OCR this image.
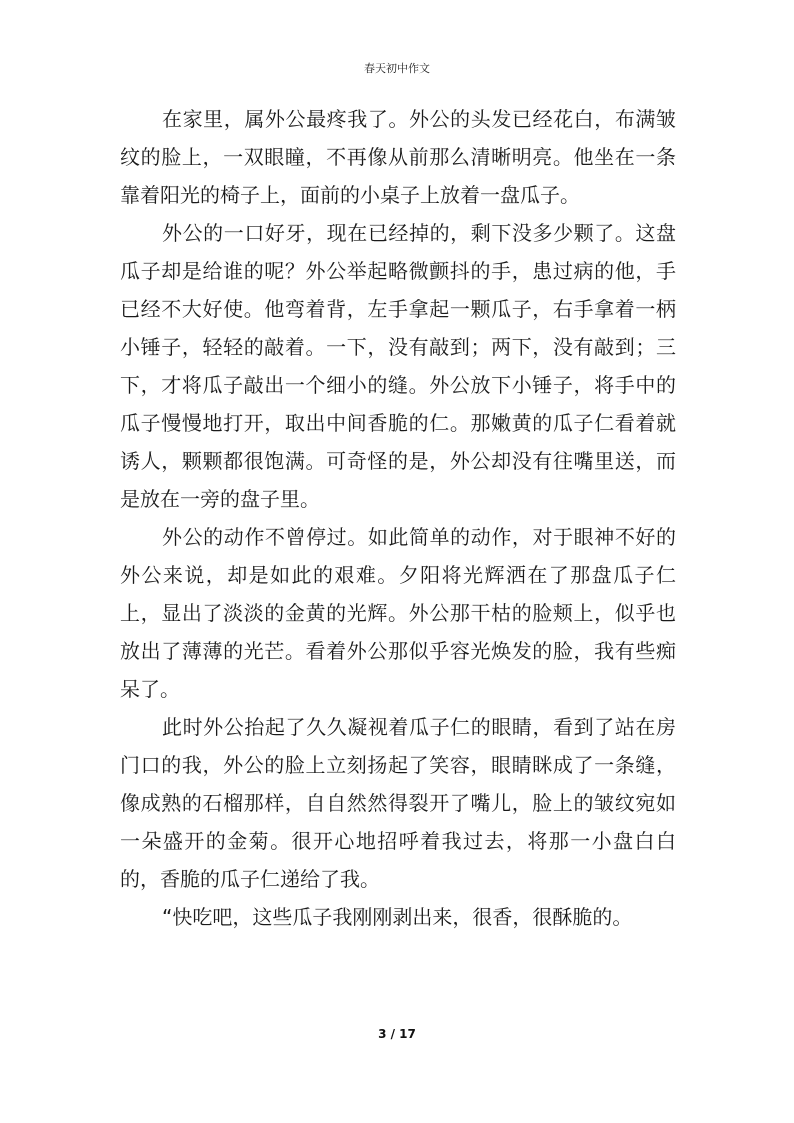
春天初中作文

在家里，属外公最疼我了。外公的头发已经花白，布满皱纹的脸上，一双眼瞳，不再像从前那么清晰明亮。他坐在一条靠着阳光的椅子上，面前的小桌子上放着一盘瓜子。

外公的一口好牙，现在已经掉的，剩下没多少颗了。这盘瓜子却是给谁的呢？外公举起略微颤抖的手，患过病的他，手已经不大好使。他弯着背，左手拿起一颗瓜子，右手拿着一柄小锤子，轻轻的敲着。一下，没有敲到；两下，没有敲到；三下，才将瓜子敲出一个细小的缝。外公放下小锤子，将手中的瓜子慢慢地打开，取出中间香脆的仁。那嫩黄的瓜子仁看着就诱人，颗颗都很饱满。可奇怪的是，外公却没有往嘴里送，而是放在一旁的盘子里。

外公的动作不曾停过。如此简单的动作，对于眼神不好的外公来说，却是如此的艰难。夕阳将光辉洒在了那盘瓜子仁上，显出了淡淡的金黄的光辉。外公那干枯的脸颊上，似乎也放出了薄薄的光芒。看着外公那似乎容光焕发的脸，我有些痴呆了。

此时外公抬起了久久凝视着瓜子仁的眼睛，看到了站在房门口的我，外公的脸上立刻扬起了笑容，眼睛眯成了一条缝，像成熟的石榴那样，自自然然得裂开了嘴儿，脸上的皱纹宛如一朵盛开的金菊。很开心地招呼着我过去，将那一小盘白白的，香脆的瓜子仁递给了我。

“快吃吧，这些瓜子我刚刚剥出来，很香，很酥脆的。

3 / 17
